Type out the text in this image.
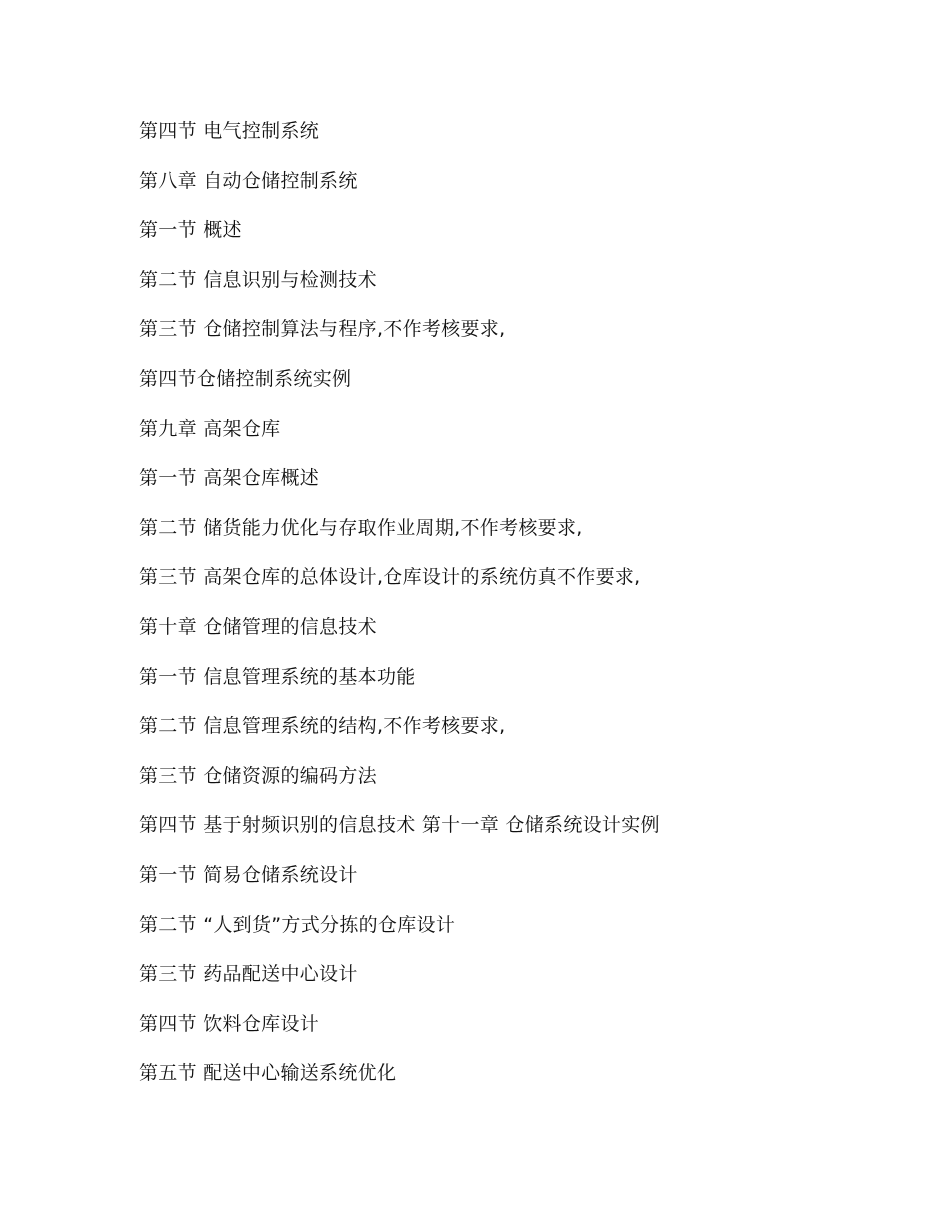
第四节 电气控制系统
第八章 自动仓储控制系统
第一节 概述
第二节 信息识别与检测技术
第三节 仓储控制算法与程序,不作考核要求,
第四节仓储控制系统实例
第九章 高架仓库
第一节 高架仓库概述
第二节 储货能力优化与存取作业周期,不作考核要求,
第三节 高架仓库的总体设计,仓库设计的系统仿真不作要求,
第十章 仓储管理的信息技术
第一节 信息管理系统的基本功能
第二节 信息管理系统的结构,不作考核要求,
第三节 仓储资源的编码方法
第四节 基于射频识别的信息技术 第十一章 仓储系统设计实例
第一节 简易仓储系统设计
第二节 “人到货”方式分拣的仓库设计
第三节 药品配送中心设计
第四节 饮料仓库设计
第五节 配送中心输送系统优化
